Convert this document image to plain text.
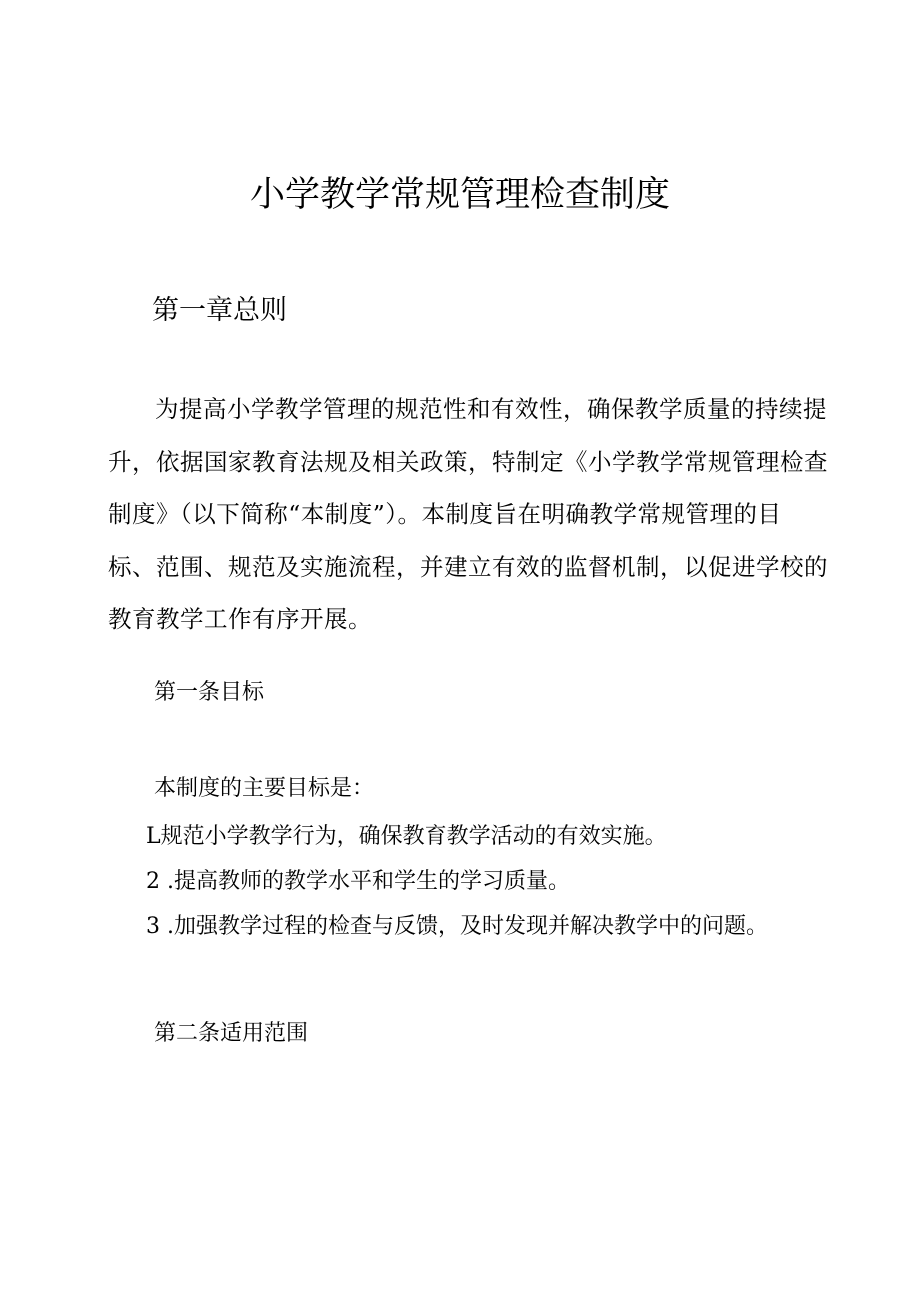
小学教学常规管理检查制度
第一章总则

为提高小学教学管理的规范性和有效性，确保教学质量的持续提升，依据国家教育法规及相关政策，特制定《小学教学常规管理检查制度》（以下简称“本制度”）。本制度旨在明确教学常规管理的目标、范围、规范及实施流程，并建立有效的监督机制，以促进学校的教育教学工作有序开展。

第一条目标
本制度的主要目标是：
L规范小学教学行为，确保教育教学活动的有效实施。
2 .提高教师的教学水平和学生的学习质量。
3 .加强教学过程的检查与反馈，及时发现并解决教学中的问题。
第二条适用范围
